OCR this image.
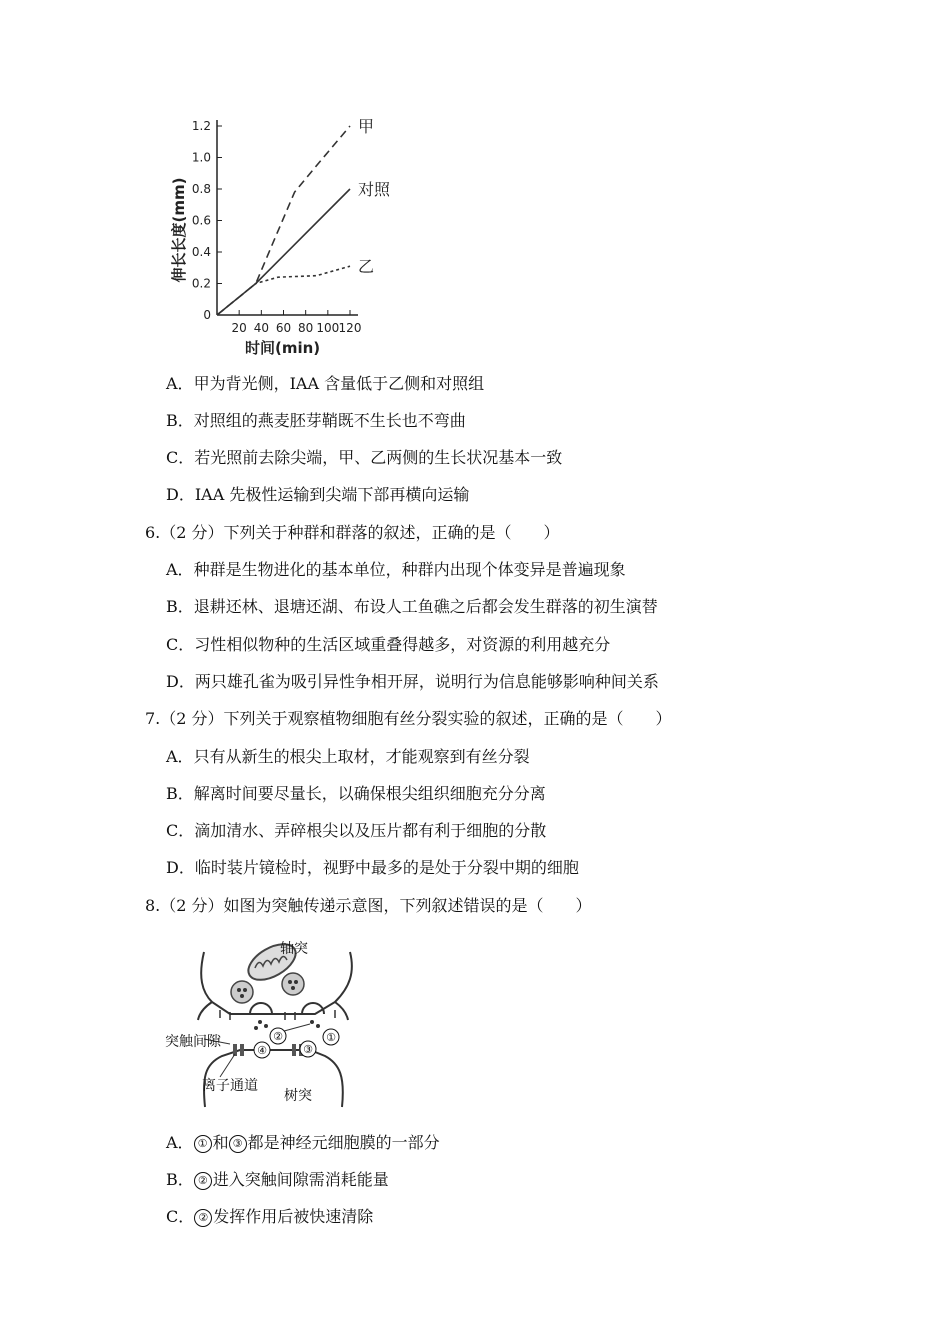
0
0.2
0.4
0.6
0.8
1.0
1.2
20 40 60 80 100 120
甲
对照
乙
时间(min)
伸长长度(mm)
A．甲为背光侧，IAA 含量低于乙侧和对照组
B．对照组的燕麦胚芽鞘既不生长也不弯曲
C．若光照前去除尖端，甲、乙两侧的生长状况基本一致
D．IAA 先极性运输到尖端下部再横向运输
6.（2 分）下列关于种群和群落的叙述，正确的是（　　）
A．种群是生物进化的基本单位，种群内出现个体变异是普遍现象
B．退耕还林、退塘还湖、布设人工鱼礁之后都会发生群落的初生演替
C．习性相似物种的生活区域重叠得越多，对资源的利用越充分
D．两只雄孔雀为吸引异性争相开屏，说明行为信息能够影响种间关系
7.（2 分）下列关于观察植物细胞有丝分裂实验的叙述，正确的是（　　）
A．只有从新生的根尖上取材，才能观察到有丝分裂
B．解离时间要尽量长，以确保根尖组织细胞充分分离
C．滴加清水、弄碎根尖以及压片都有利于细胞的分散
D．临时装片镜检时，视野中最多的是处于分裂中期的细胞
8.（2 分）如图为突触传递示意图，下列叙述错误的是（　　）
①
②
③
④
轴突
突触间隙
离子通道
树突
A． ① 和 ③ 都是神经元细胞膜的一部分
B． ② 进入突触间隙需消耗能量
C． ② 发挥作用后被快速清除
